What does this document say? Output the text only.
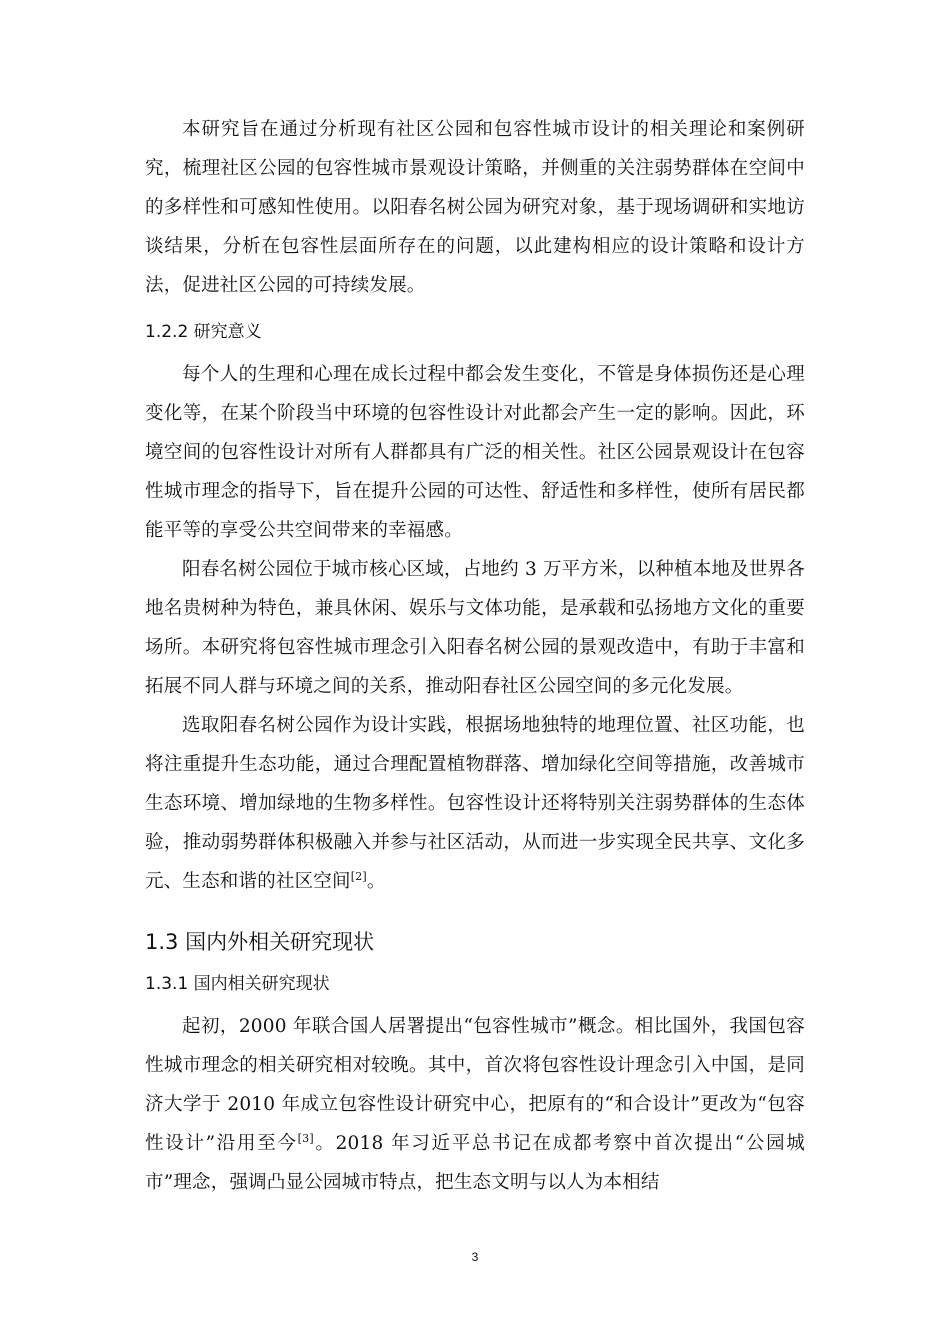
本研究旨在通过分析现有社区公园和包容性城市设计的相关理论和案例研究，梳理社区公园的包容性城市景观设计策略，并侧重的关注弱势群体在空间中的多样性和可感知性使用。以阳春名树公园为研究对象，基于现场调研和实地访谈结果，分析在包容性层面所存在的问题，以此建构相应的设计策略和设计方法，促进社区公园的可持续发展。

1.2.2 研究意义

每个人的生理和心理在成长过程中都会发生变化，不管是身体损伤还是心理变化等，在某个阶段当中环境的包容性设计对此都会产生一定的影响。因此，环境空间的包容性设计对所有人群都具有广泛的相关性。社区公园景观设计在包容性城市理念的指导下，旨在提升公园的可达性、舒适性和多样性，使所有居民都能平等的享受公共空间带来的幸福感。

阳春名树公园位于城市核心区域，占地约 3 万平方米，以种植本地及世界各地名贵树种为特色，兼具休闲、娱乐与文体功能，是承载和弘扬地方文化的重要场所。本研究将包容性城市理念引入阳春名树公园的景观改造中，有助于丰富和拓展不同人群与环境之间的关系，推动阳春社区公园空间的多元化发展。

选取阳春名树公园作为设计实践，根据场地独特的地理位置、社区功能，也将注重提升生态功能，通过合理配置植物群落、增加绿化空间等措施，改善城市生态环境、增加绿地的生物多样性。包容性设计还将特别关注弱势群体的生态体验，推动弱势群体积极融入并参与社区活动，从而进一步实现全民共享、文化多元、生态和谐的社区空间[2]。

1.3 国内外相关研究现状
1.3.1 国内相关研究现状

起初，2000 年联合国人居署提出“包容性城市”概念。相比国外，我国包容性城市理念的相关研究相对较晚。其中，首次将包容性设计理念引入中国，是同济大学于 2010 年成立包容性设计研究中心，把原有的“和合设计”更改为“包容性设计”沿用至今[3]。2018 年习近平总书记在成都考察中首次提出“公园城市”理念，强调凸显公园城市特点，把生态文明与以人为本相结

3
